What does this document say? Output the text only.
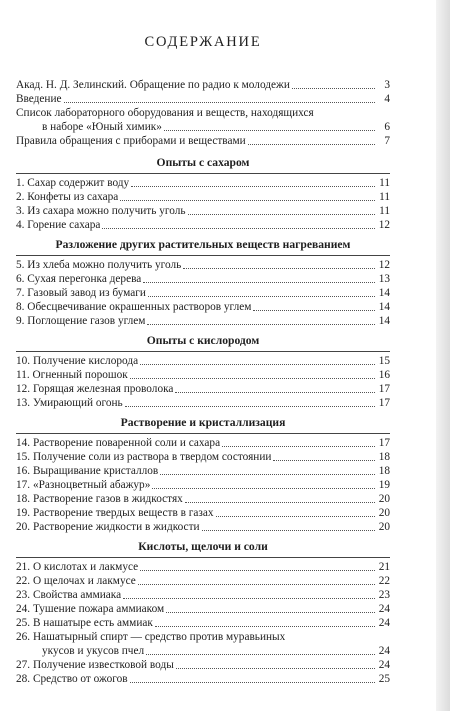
СОДЕРЖАНИЕ
Акад. Н. Д. Зелинский. Обращение по радио к молодежи	3
Введение	4
Список лабораторного оборудования и веществ, находящихся
в наборе «Юный химик»	6
Правила обращения с приборами и веществами	7
Опыты с сахаром
1. Сахар содержит воду	11
2. Конфеты из сахара	11
3. Из сахара можно получить уголь	11
4. Горение сахара	12
Разложение других растительных веществ нагреванием
5. Из хлеба можно получить уголь	12
6. Сухая перегонка дерева	13
7. Газовый завод из бумаги	14
8. Обесцвечивание окрашенных растворов углем	14
9. Поглощение газов углем	14
Опыты с кислородом
10. Получение кислорода	15
11. Огненный порошок	16
12. Горящая железная проволока	17
13. Умирающий огонь	17
Растворение и кристаллизация
14. Растворение поваренной соли и сахара	17
15. Получение соли из раствора в твердом состоянии	18
16. Выращивание кристаллов	18
17. «Разноцветный абажур»	19
18. Растворение газов в жидкостях	20
19. Растворение твердых веществ в газах	20
20. Растворение жидкости в жидкости	20
Кислоты, щелочи и соли
21. О кислотах и лакмусе	21
22. О щелочах и лакмусе	22
23. Свойства аммиака	23
24. Тушение пожара аммиаком	24
25. В нашатыре есть аммиак	24
26. Нашатырный спирт — средство против муравьиных
укусов и укусов пчел	24
27. Получение известковой воды	24
28. Средство от ожогов	25
